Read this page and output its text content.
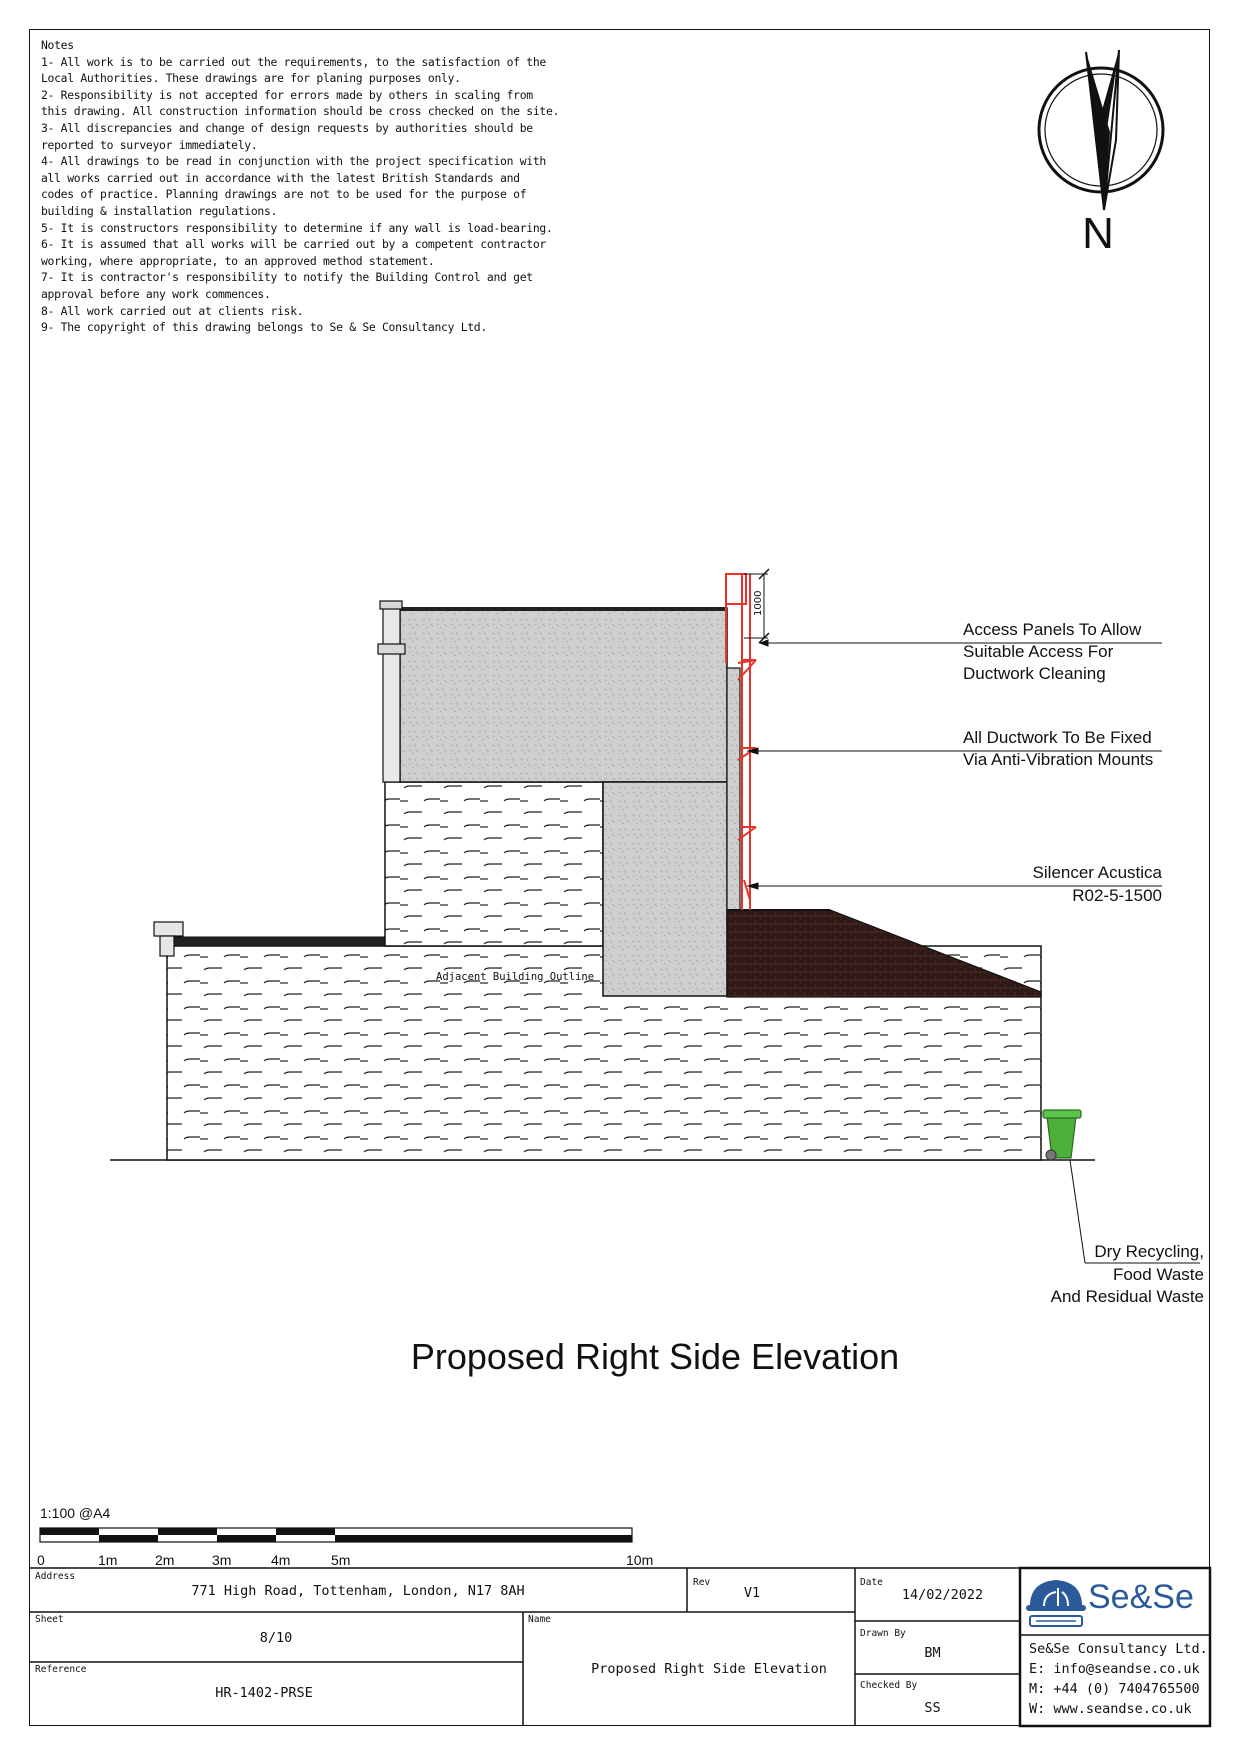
Notes
1- All work is to be carried out the requirements, to the satisfaction of the
Local Authorities. These drawings are for planing purposes only.
2- Responsibility is not accepted for errors made by others in scaling from
this drawing. All construction information should be cross checked on the site.
3- All discrepancies and change of design requests by authorities should be
reported to surveyor immediately.
4- All drawings to be read in conjunction with the project specification with
all works carried out in accordance with the latest British Standards and
codes of practice. Planning drawings are not to be used for the purpose of
building & installation regulations.
5- It is constructors responsibility to determine if any wall is load-bearing.
6- It is assumed that all works will be carried out by a competent contractor
working, where appropriate, to an approved method statement.
7- It is contractor's responsibility to notify the Building Control and get
approval before any work commences.
8- All work carried out at clients risk.
9- The copyright of this drawing belongs to Se & Se Consultancy Ltd.
N
1000
Access Panels To Allow
Suitable Access For
Ductwork Cleaning
All Ductwork To Be Fixed
Via Anti-Vibration Mounts
Silencer Acustica
R02-5-1500
Adjacent Building Outline
Dry Recycling,
Food Waste
And Residual Waste
Proposed Right Side Elevation
1:100 @A4
0	1m	2m	3m	4m	5m	10m
Address
771 High Road, Tottenham, London, N17 8AH
Rev
V1
Date
14/02/2022
Sheet
8/10
Name
Proposed Right Side Elevation
Drawn By
BM
Reference
HR-1402-PRSE	Checked By
SS
Se&Se
Se&Se Consultancy Ltd.
E: info@seandse.co.uk
M: +44 (0) 7404765500
W: www.seandse.co.uk
